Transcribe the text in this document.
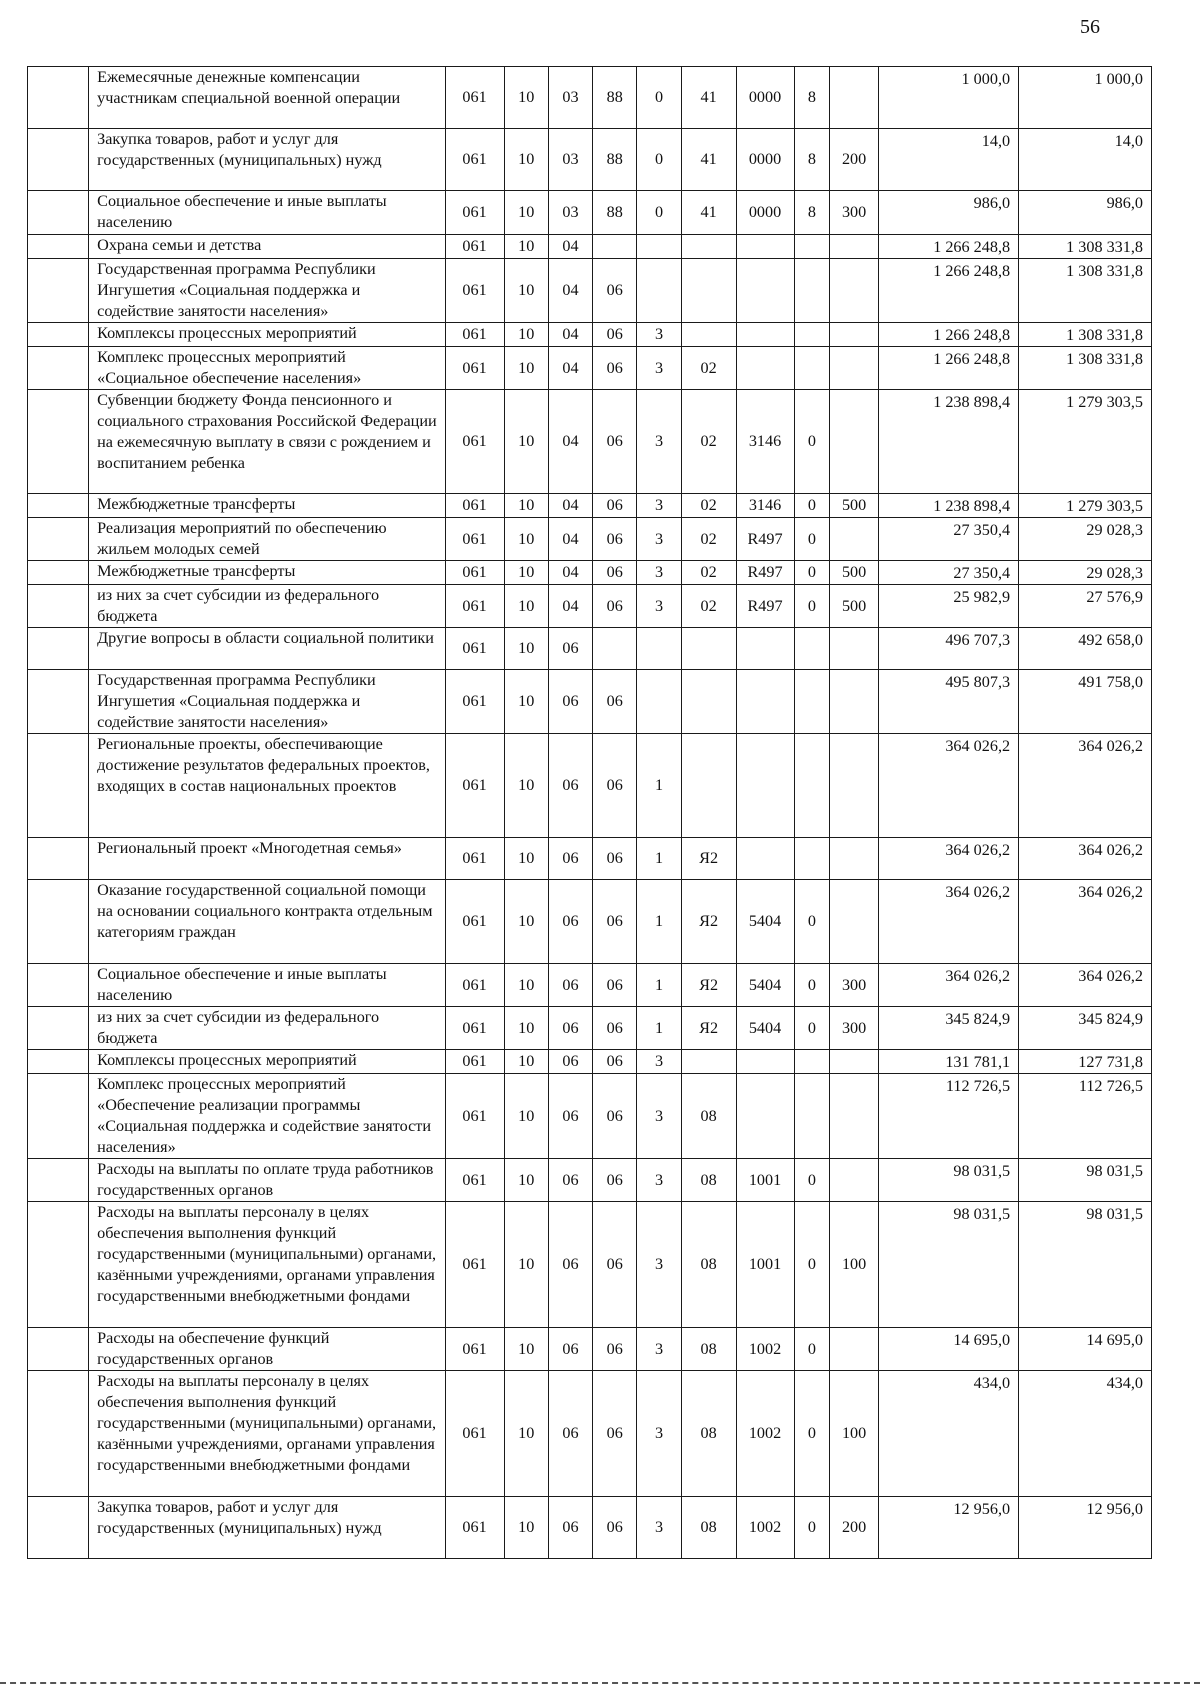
56
	Ежемесячные денежные компенсации участникам специальной военной операции	061	10	03	88	0	41	0000	8		1 000,0	1 000,0
	Закупка товаров, работ и услуг для государственных (муниципальных) нужд	061	10	03	88	0	41	0000	8	200	14,0	14,0
	Социальное обеспечение и иные выплаты населению	061	10	03	88	0	41	0000	8	300	986,0	986,0
	Охрана семьи и детства	061	10	04							1 266 248,8	1 308 331,8
	Государственная программа Республики Ингушетия «Социальная поддержка и содействие занятости населения»	061	10	04	06						1 266 248,8	1 308 331,8
	Комплексы процессных мероприятий	061	10	04	06	3					1 266 248,8	1 308 331,8
	Комплекс процессных мероприятий «Социальное обеспечение населения»	061	10	04	06	3	02				1 266 248,8	1 308 331,8
	Субвенции бюджету Фонда пенсионного и социального страхования Российской Федерации на ежемесячную выплату в связи с рождением и воспитанием ребенка	061	10	04	06	3	02	3146	0		1 238 898,4	1 279 303,5
	Межбюджетные трансферты	061	10	04	06	3	02	3146	0	500	1 238 898,4	1 279 303,5
	Реализация мероприятий по обеспечению жильем молодых семей	061	10	04	06	3	02	R497	0		27 350,4	29 028,3
	Межбюджетные трансферты	061	10	04	06	3	02	R497	0	500	27 350,4	29 028,3
	из них за счет субсидии из федерального бюджета	061	10	04	06	3	02	R497	0	500	25 982,9	27 576,9
	Другие вопросы в области социальной политики	061	10	06							496 707,3	492 658,0
	Государственная программа Республики Ингушетия «Социальная поддержка и содействие занятости населения»	061	10	06	06						495 807,3	491 758,0
	Региональные проекты, обеспечивающие достижение результатов федеральных проектов, входящих в состав национальных проектов	061	10	06	06	1					364 026,2	364 026,2
	Региональный проект «Многодетная семья»	061	10	06	06	1	Я2				364 026,2	364 026,2
	Оказание государственной социальной помощи на основании социального контракта отдельным категориям граждан	061	10	06	06	1	Я2	5404	0		364 026,2	364 026,2
	Социальное обеспечение и иные выплаты населению	061	10	06	06	1	Я2	5404	0	300	364 026,2	364 026,2
	из них за счет субсидии из федерального бюджета	061	10	06	06	1	Я2	5404	0	300	345 824,9	345 824,9
	Комплексы процессных мероприятий	061	10	06	06	3					131 781,1	127 731,8
	Комплекс процессных мероприятий «Обеспечение реализации программы «Социальная поддержка и содействие занятости населения»	061	10	06	06	3	08				112 726,5	112 726,5
	Расходы на выплаты по оплате труда работников государственных органов	061	10	06	06	3	08	1001	0		98 031,5	98 031,5
	Расходы на выплаты персоналу в целях обеспечения выполнения функций государственными (муниципальными) органами, казёнными учреждениями, органами управления государственными внебюджетными фондами	061	10	06	06	3	08	1001	0	100	98 031,5	98 031,5
	Расходы на обеспечение функций государственных органов	061	10	06	06	3	08	1002	0		14 695,0	14 695,0
	Расходы на выплаты персоналу в целях обеспечения выполнения функций государственными (муниципальными) органами, казёнными учреждениями, органами управления государственными внебюджетными фондами	061	10	06	06	3	08	1002	0	100	434,0	434,0
	Закупка товаров, работ и услуг для государственных (муниципальных) нужд	061	10	06	06	3	08	1002	0	200	12 956,0	12 956,0
